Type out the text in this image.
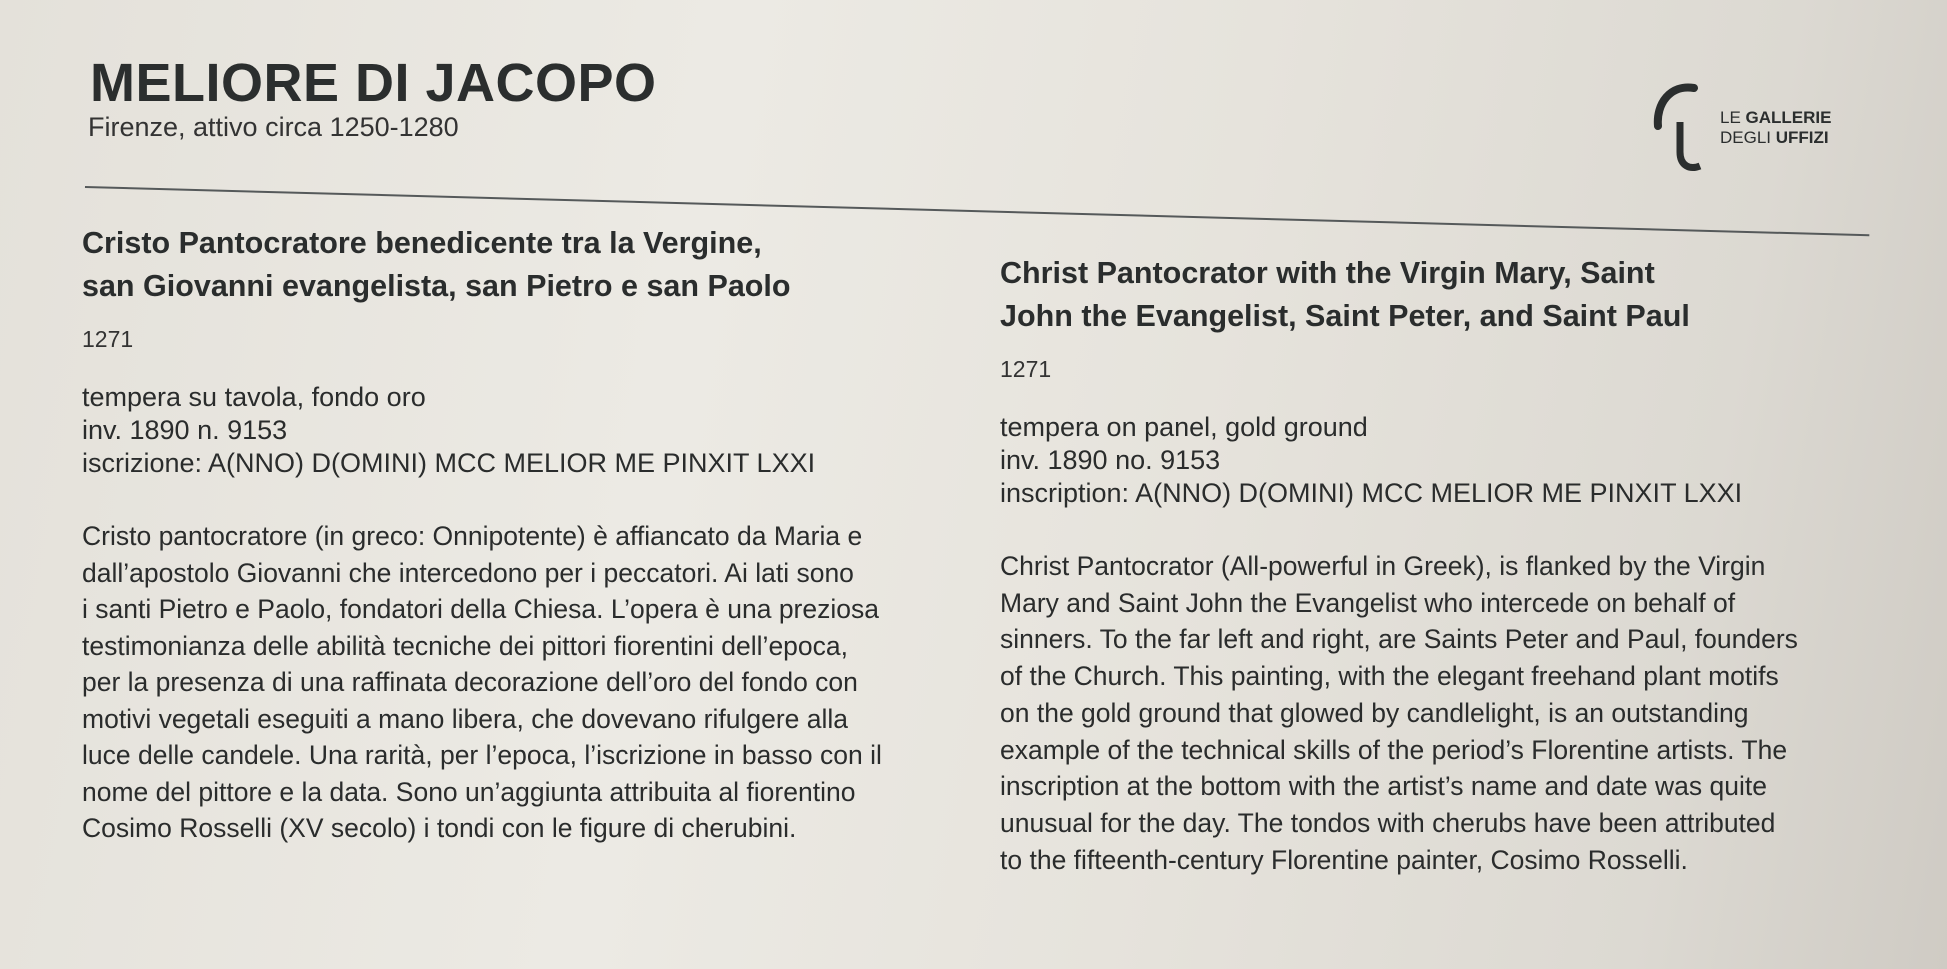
MELIORE DI JACOPO
Firenze, attivo circa 1250-1280	LE GALLERIE
DEGLI UFFIZI
Cristo Pantocratore benedicente tra la Vergine,
san Giovanni evangelista, san Pietro e san Paolo
1271
tempera su tavola, fondo oro
inv. 1890 n. 9153
iscrizione: A(NNO) D(OMINI) MCC MELIOR ME PINXIT LXXI
Cristo pantocratore (in greco: Onnipotente) è affiancato da Maria e
dall’apostolo Giovanni che intercedono per i peccatori. Ai lati sono
i santi Pietro e Paolo, fondatori della Chiesa. L’opera è una preziosa
testimonianza delle abilità tecniche dei pittori fiorentini dell’epoca,
per la presenza di una raffinata decorazione dell’oro del fondo con
motivi vegetali eseguiti a mano libera, che dovevano rifulgere alla
luce delle candele. Una rarità, per l’epoca, l’iscrizione in basso con il
nome del pittore e la data. Sono un’aggiunta attribuita al fiorentino
Cosimo Rosselli (XV secolo) i tondi con le figure di cherubini.
Christ Pantocrator with the Virgin Mary, Saint
John the Evangelist, Saint Peter, and Saint Paul
1271
tempera on panel, gold ground
inv. 1890 no. 9153
inscription: A(NNO) D(OMINI) MCC MELIOR ME PINXIT LXXI
Christ Pantocrator (All-powerful in Greek), is flanked by the Virgin
Mary and Saint John the Evangelist who intercede on behalf of
sinners. To the far left and right, are Saints Peter and Paul, founders
of the Church. This painting, with the elegant freehand plant motifs
on the gold ground that glowed by candlelight, is an outstanding
example of the technical skills of the period’s Florentine artists. The
inscription at the bottom with the artist’s name and date was quite
unusual for the day. The tondos with cherubs have been attributed
to the fifteenth-century Florentine painter, Cosimo Rosselli.
